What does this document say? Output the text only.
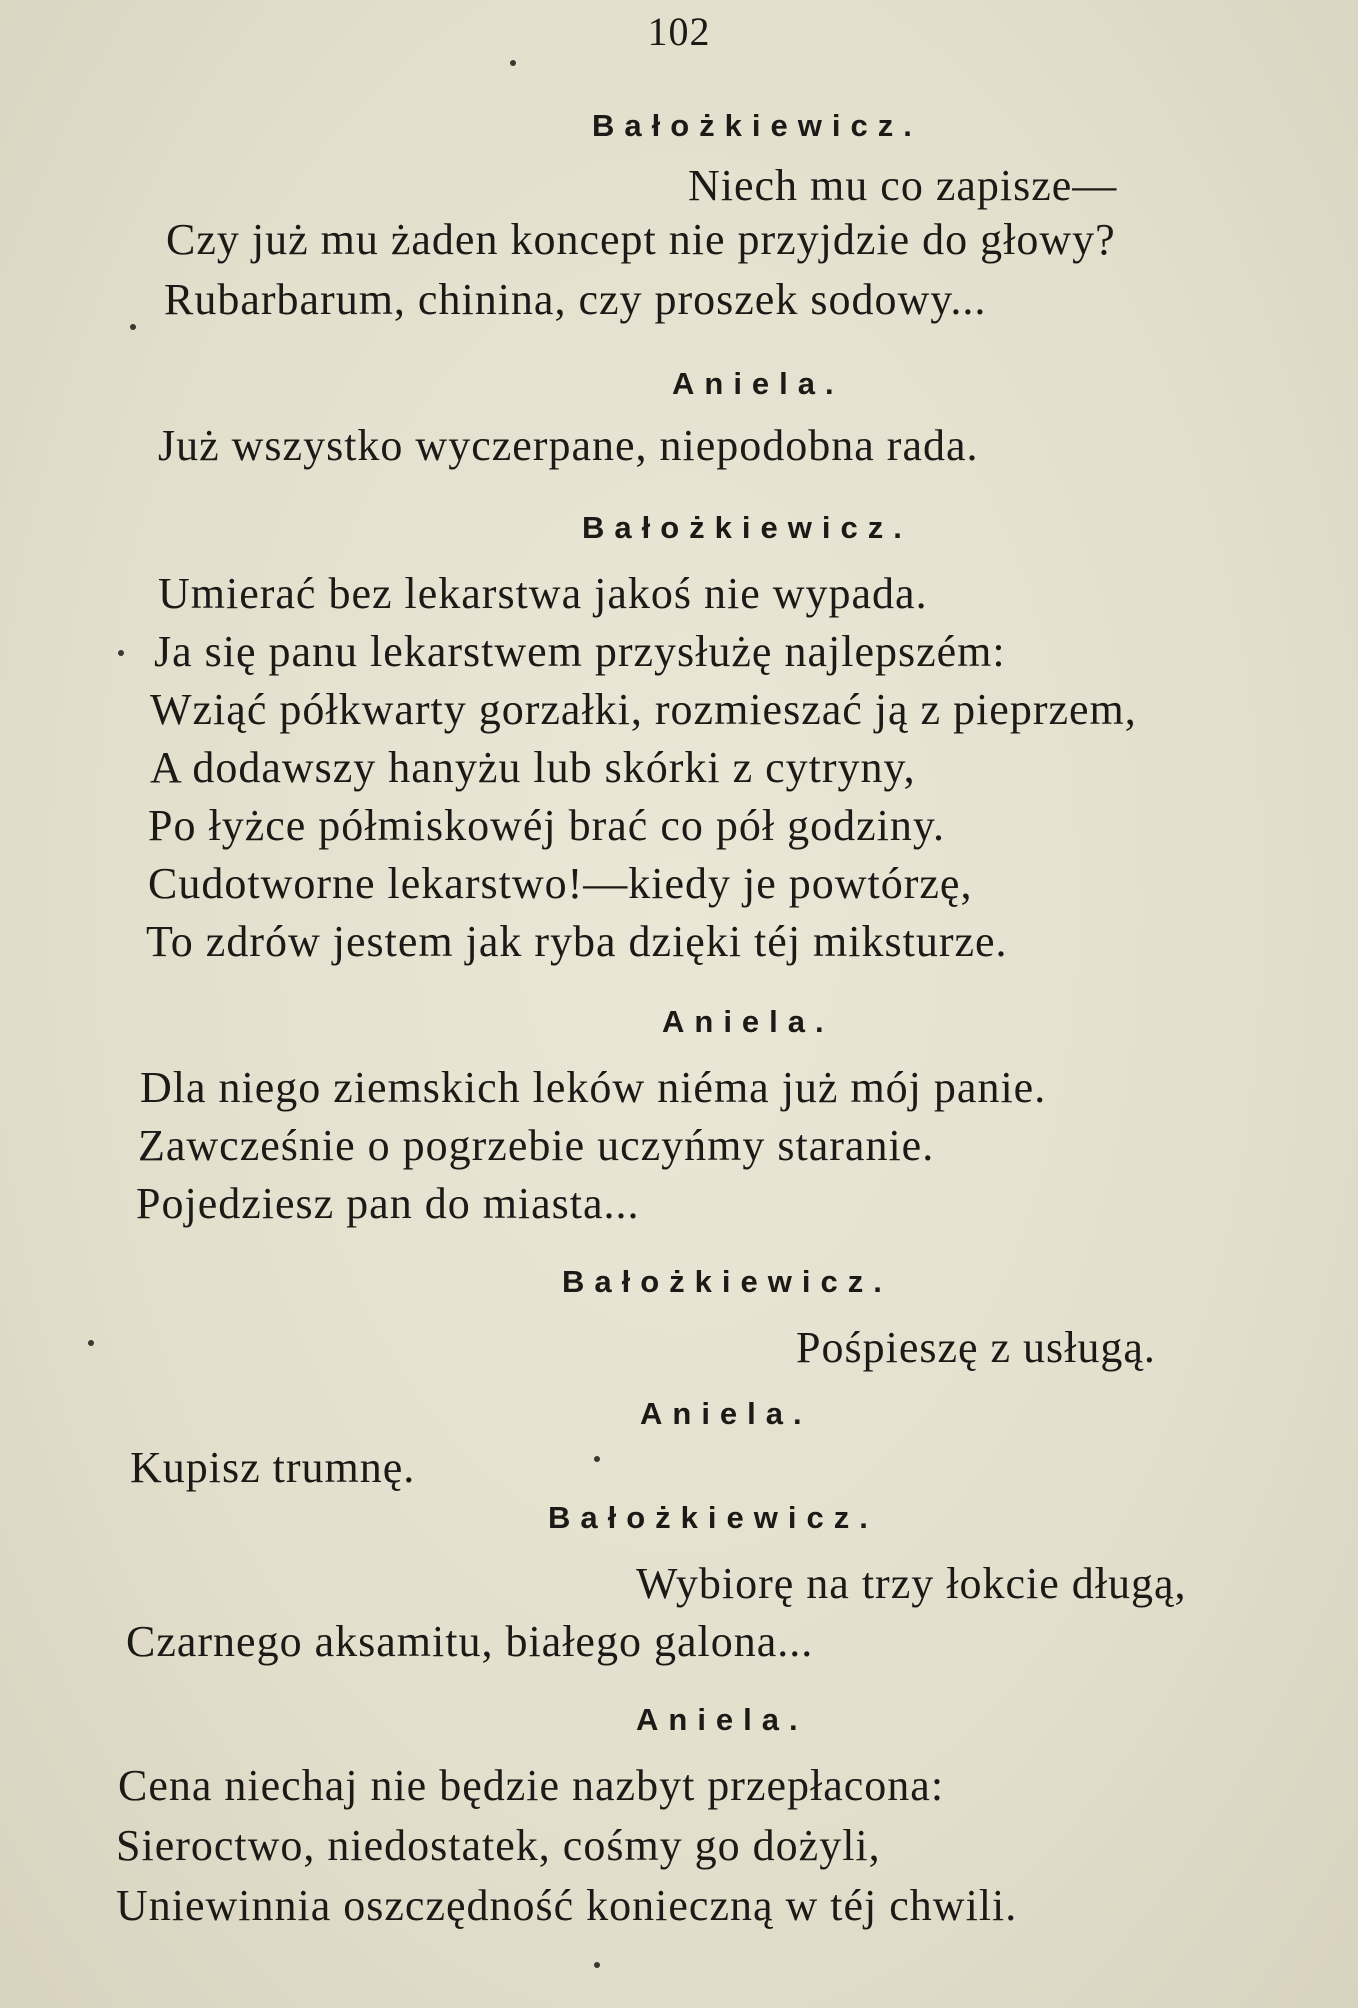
102
Bałożkiewicz.
Niech mu co zapisze—
Czy już mu żaden koncept nie przyjdzie do głowy?
Rubarbarum, chinina, czy proszek sodowy...
Aniela.
Już wszystko wyczerpane, niepodobna rada.
Bałożkiewicz.
Umierać bez lekarstwa jakoś nie wypada.
Ja się panu lekarstwem przysłużę najlepszém:
Wziąć półkwarty gorzałki, rozmieszać ją z pieprzem,
A dodawszy hanyżu lub skórki z cytryny,
Po łyżce półmiskowéj brać co pół godziny.
Cudotworne lekarstwo!—kiedy je powtórzę,
To zdrów jestem jak ryba dzięki téj miksturze.
Aniela.
Dla niego ziemskich leków niéma już mój panie.
Zawcześnie o pogrzebie uczyńmy staranie.
Pojedziesz pan do miasta...
Bałożkiewicz.
Pośpieszę z usługą.
Aniela.
Kupisz trumnę.
Bałożkiewicz.
Wybiorę na trzy łokcie długą,
Czarnego aksamitu, białego galona...
Aniela.
Cena niechaj nie będzie nazbyt przepłacona:
Sieroctwo, niedostatek, cośmy go dożyli,
Uniewinnia oszczędność konieczną w téj chwili.
